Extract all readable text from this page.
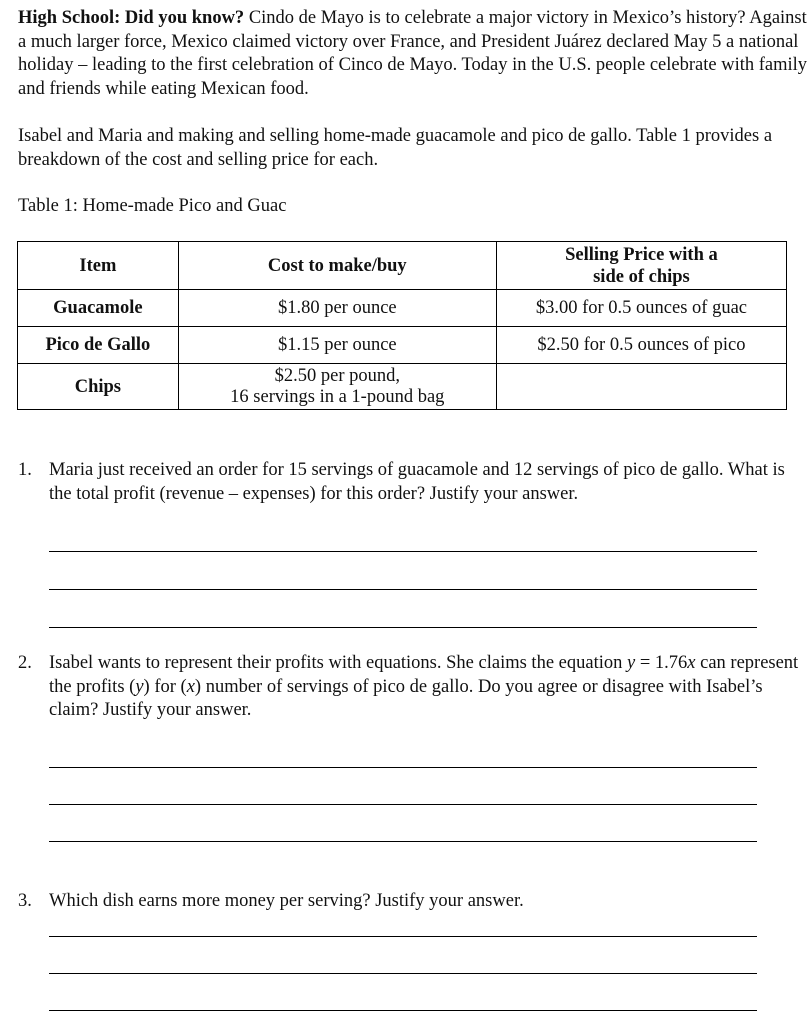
High School: Did you know? Cindo de Mayo is to celebrate a major victory in Mexico’s history? Against a much larger force, Mexico claimed victory over France, and President Juárez declared May 5 a national holiday – leading to the first celebration of Cinco de Mayo. Today in the U.S. people celebrate with family and friends while eating Mexican food.

Isabel and Maria and making and selling home-made guacamole and pico de gallo. Table 1 provides a breakdown of the cost and selling price for each.

Table 1: Home-made Pico and Guac

Item	Cost to make/buy	Selling Price with a
side of chips
Guacamole	$1.80 per ounce	$3.00 for 0.5 ounces of guac
Pico de Gallo	$1.15 per ounce	$2.50 for 0.5 ounces of pico
Chips	$2.50 per pound,
16 servings in a 1-pound bag	
1. Maria just received an order for 15 servings of guacamole and 12 servings of pico de gallo. What is the total profit (revenue – expenses) for this order? Justify your answer.
2. Isabel wants to represent their profits with equations. She claims the equation y = 1.76x can represent the profits (y) for (x) number of servings of pico de gallo. Do you agree or disagree with Isabel’s claim? Justify your answer.
3. Which dish earns more money per serving? Justify your answer.
